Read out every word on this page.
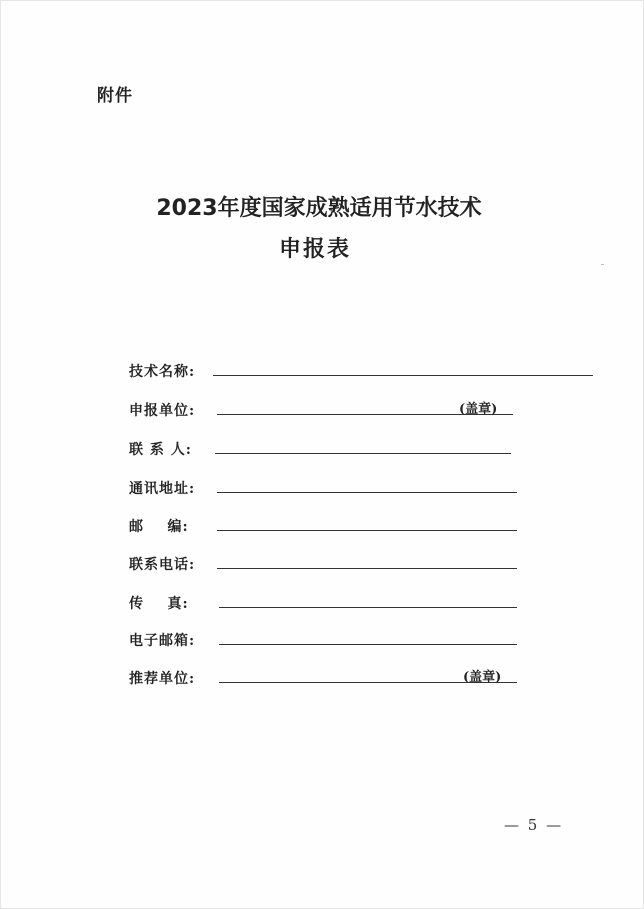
附件
2023年度国家成熟适用节水技术
申报表
技术名称:
申报单位:	(盖章)
联 系 人:
通讯地址:
邮    编:
联系电话:
传    真:
电子邮箱:
推荐单位:	(盖章)
— 5 —
